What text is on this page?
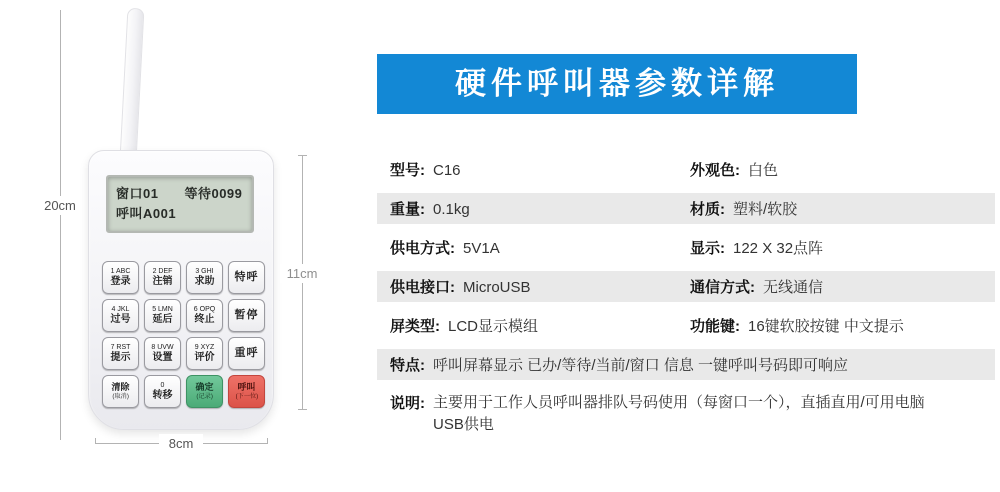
20cm
窗口01 等待0099
呼叫A001
1 ABC
登录
2 DEF
注销
3 GHI
求助 特呼
4 JKL
过号
5 LMN
延后
6 OPQ
终止 暂停
7 RST
提示
8 UVW
设置
9 XYZ
评价 重呼
清除
(取消)
0
转移
确定
(记录)
呼叫
(下一位)
11cm
8cm
硬件呼叫器参数详解
型号: C16	外观色: 白色
重量: 0.1kg	材质: 塑料/软胶
供电方式: 5V1A	显示: 122 X 32点阵
供电接口: MicroUSB	通信方式: 无线通信
屏类型: LCD显示模组	功能键: 16键软胶按键 中文提示
特点: 呼叫屏幕显示 已办/等待/当前/窗口 信息 一键呼叫号码即可响应
说明: 主要用于工作人员呼叫器排队号码使用（每窗口一个），直插直用/可用电脑
USB供电
